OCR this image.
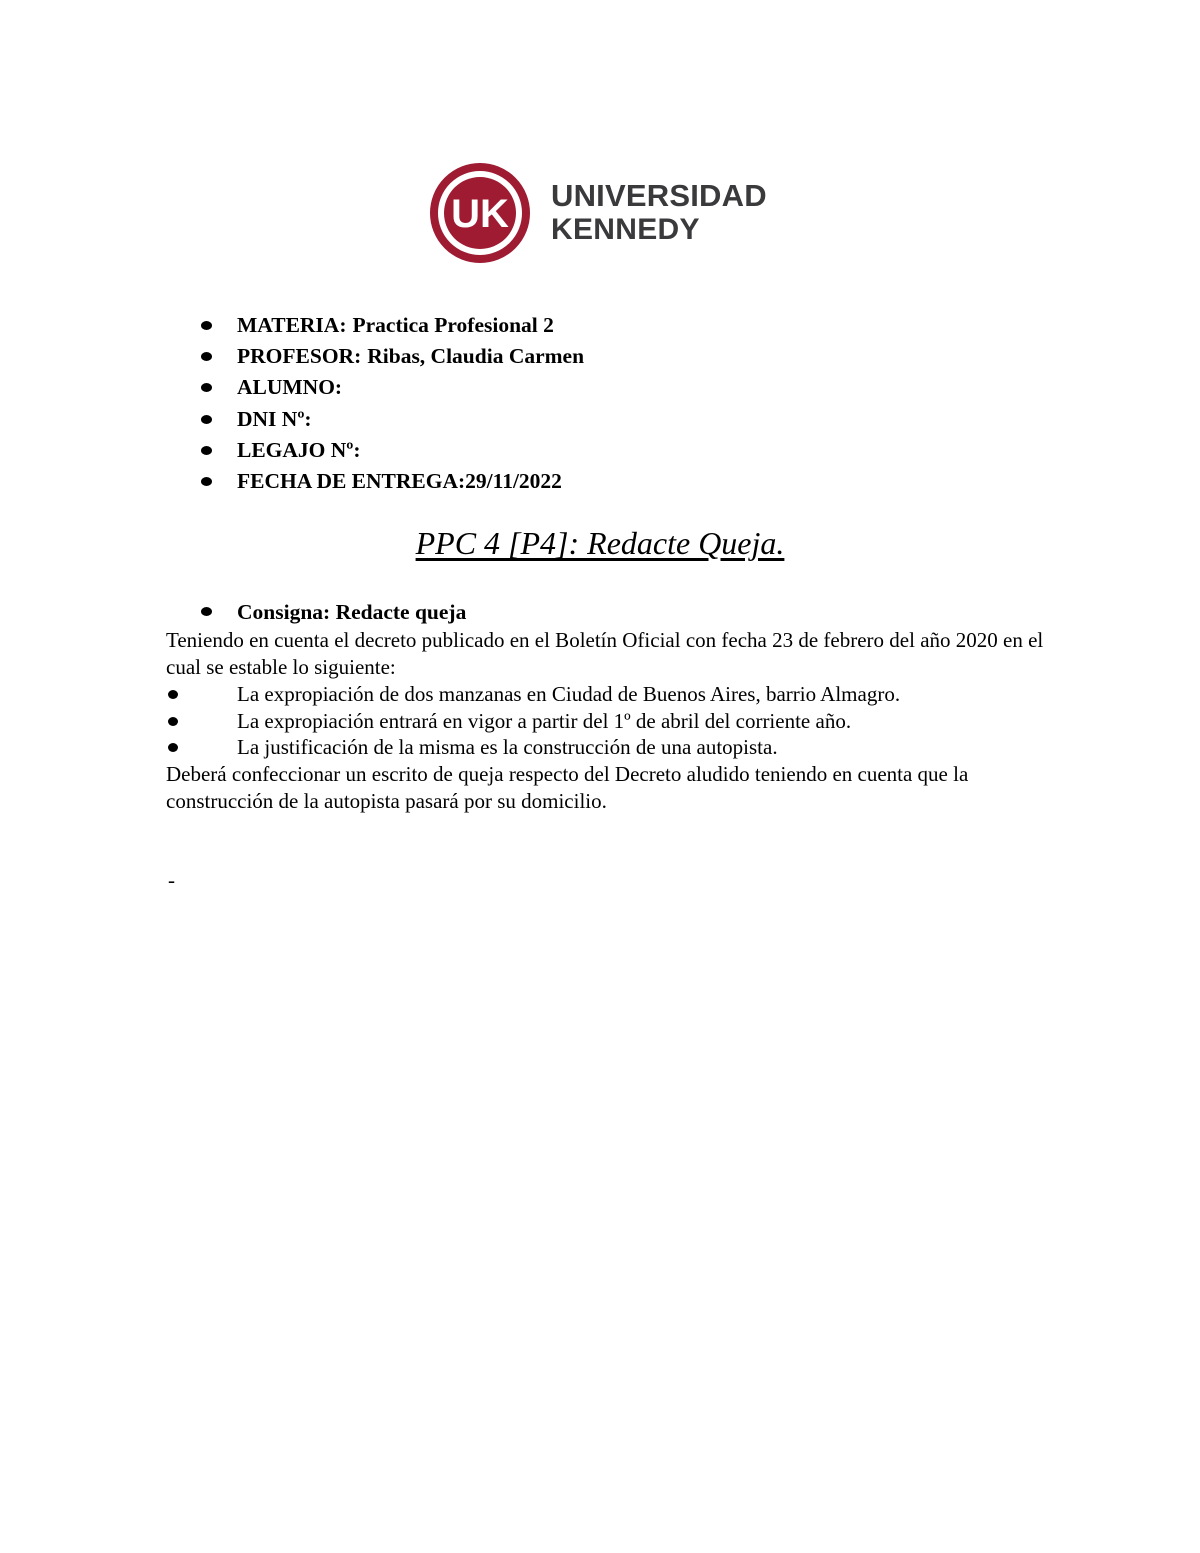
UK UNIVERSIDAD
KENNEDY
MATERIA: Practica Profesional 2
PROFESOR: Ribas, Claudia Carmen
ALUMNO:
DNI Nº:
LEGAJO Nº:
FECHA DE ENTREGA:29/11/2022
PPC 4 [P4]: Redacte Queja.
Consigna: Redacte queja

Teniendo en cuenta el decreto publicado en el Boletín Oficial con fecha 23 de febrero del año 2020 en el cual se estable lo siguiente:

La expropiación de dos manzanas en Ciudad de Buenos Aires, barrio Almagro.
La expropiación entrará en vigor a partir del 1º de abril del corriente año.
La justificación de la misma es la construcción de una autopista.

Deberá confeccionar un escrito de queja respecto del Decreto aludido teniendo en cuenta que la construcción de la autopista pasará por su domicilio.

-
